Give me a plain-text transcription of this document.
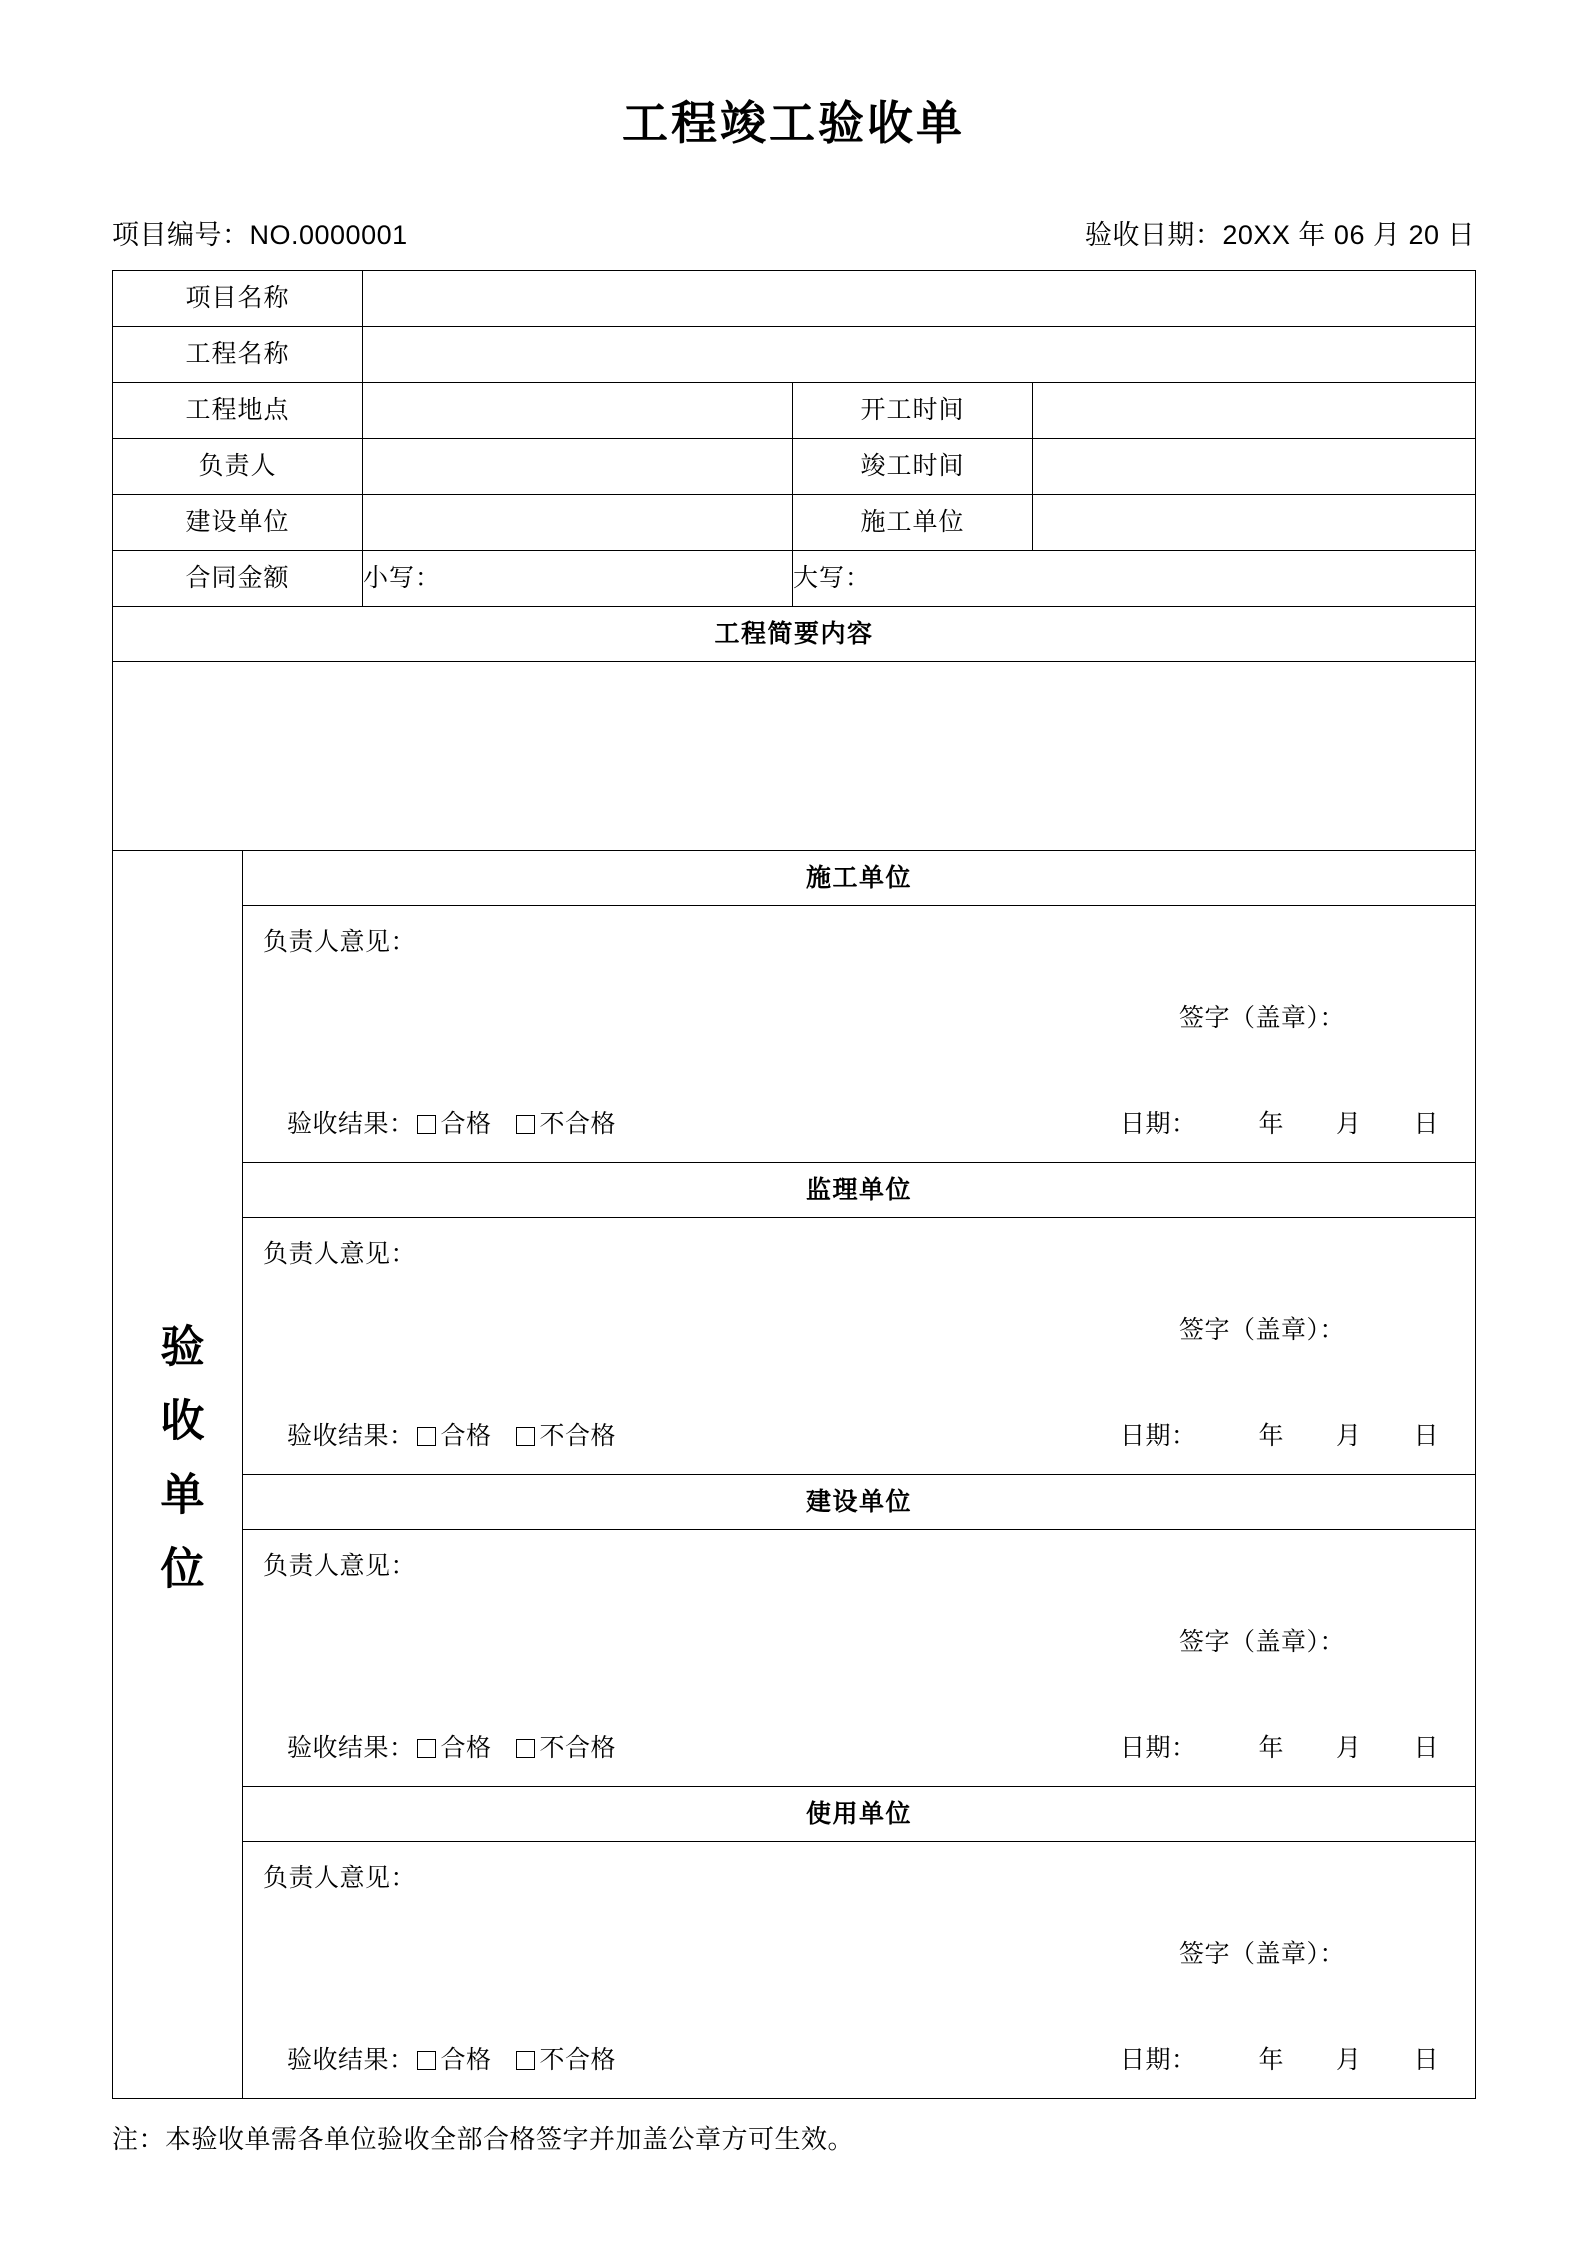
工程竣工验收单
项目编号：NO.0000001	验收日期：20XX 年 06 月 20 日
项目名称	
工程名称	
工程地点		开工时间	
负责人		竣工时间	
建设单位		施工单位	
合同金额	小写：	大写：
工程简要内容

验收单位	
施工单位

负责人意见：
签字（盖章）：
验收结果： 合格 不合格	日期： 年 月 日
监理单位

负责人意见：
签字（盖章）：
验收结果： 合格 不合格	日期： 年 月 日
建设单位

负责人意见：
签字（盖章）：
验收结果： 合格 不合格	日期： 年 月 日
使用单位

负责人意见：
签字（盖章）：
验收结果： 合格 不合格	日期： 年 月 日
注：本验收单需各单位验收全部合格签字并加盖公章方可生效。
